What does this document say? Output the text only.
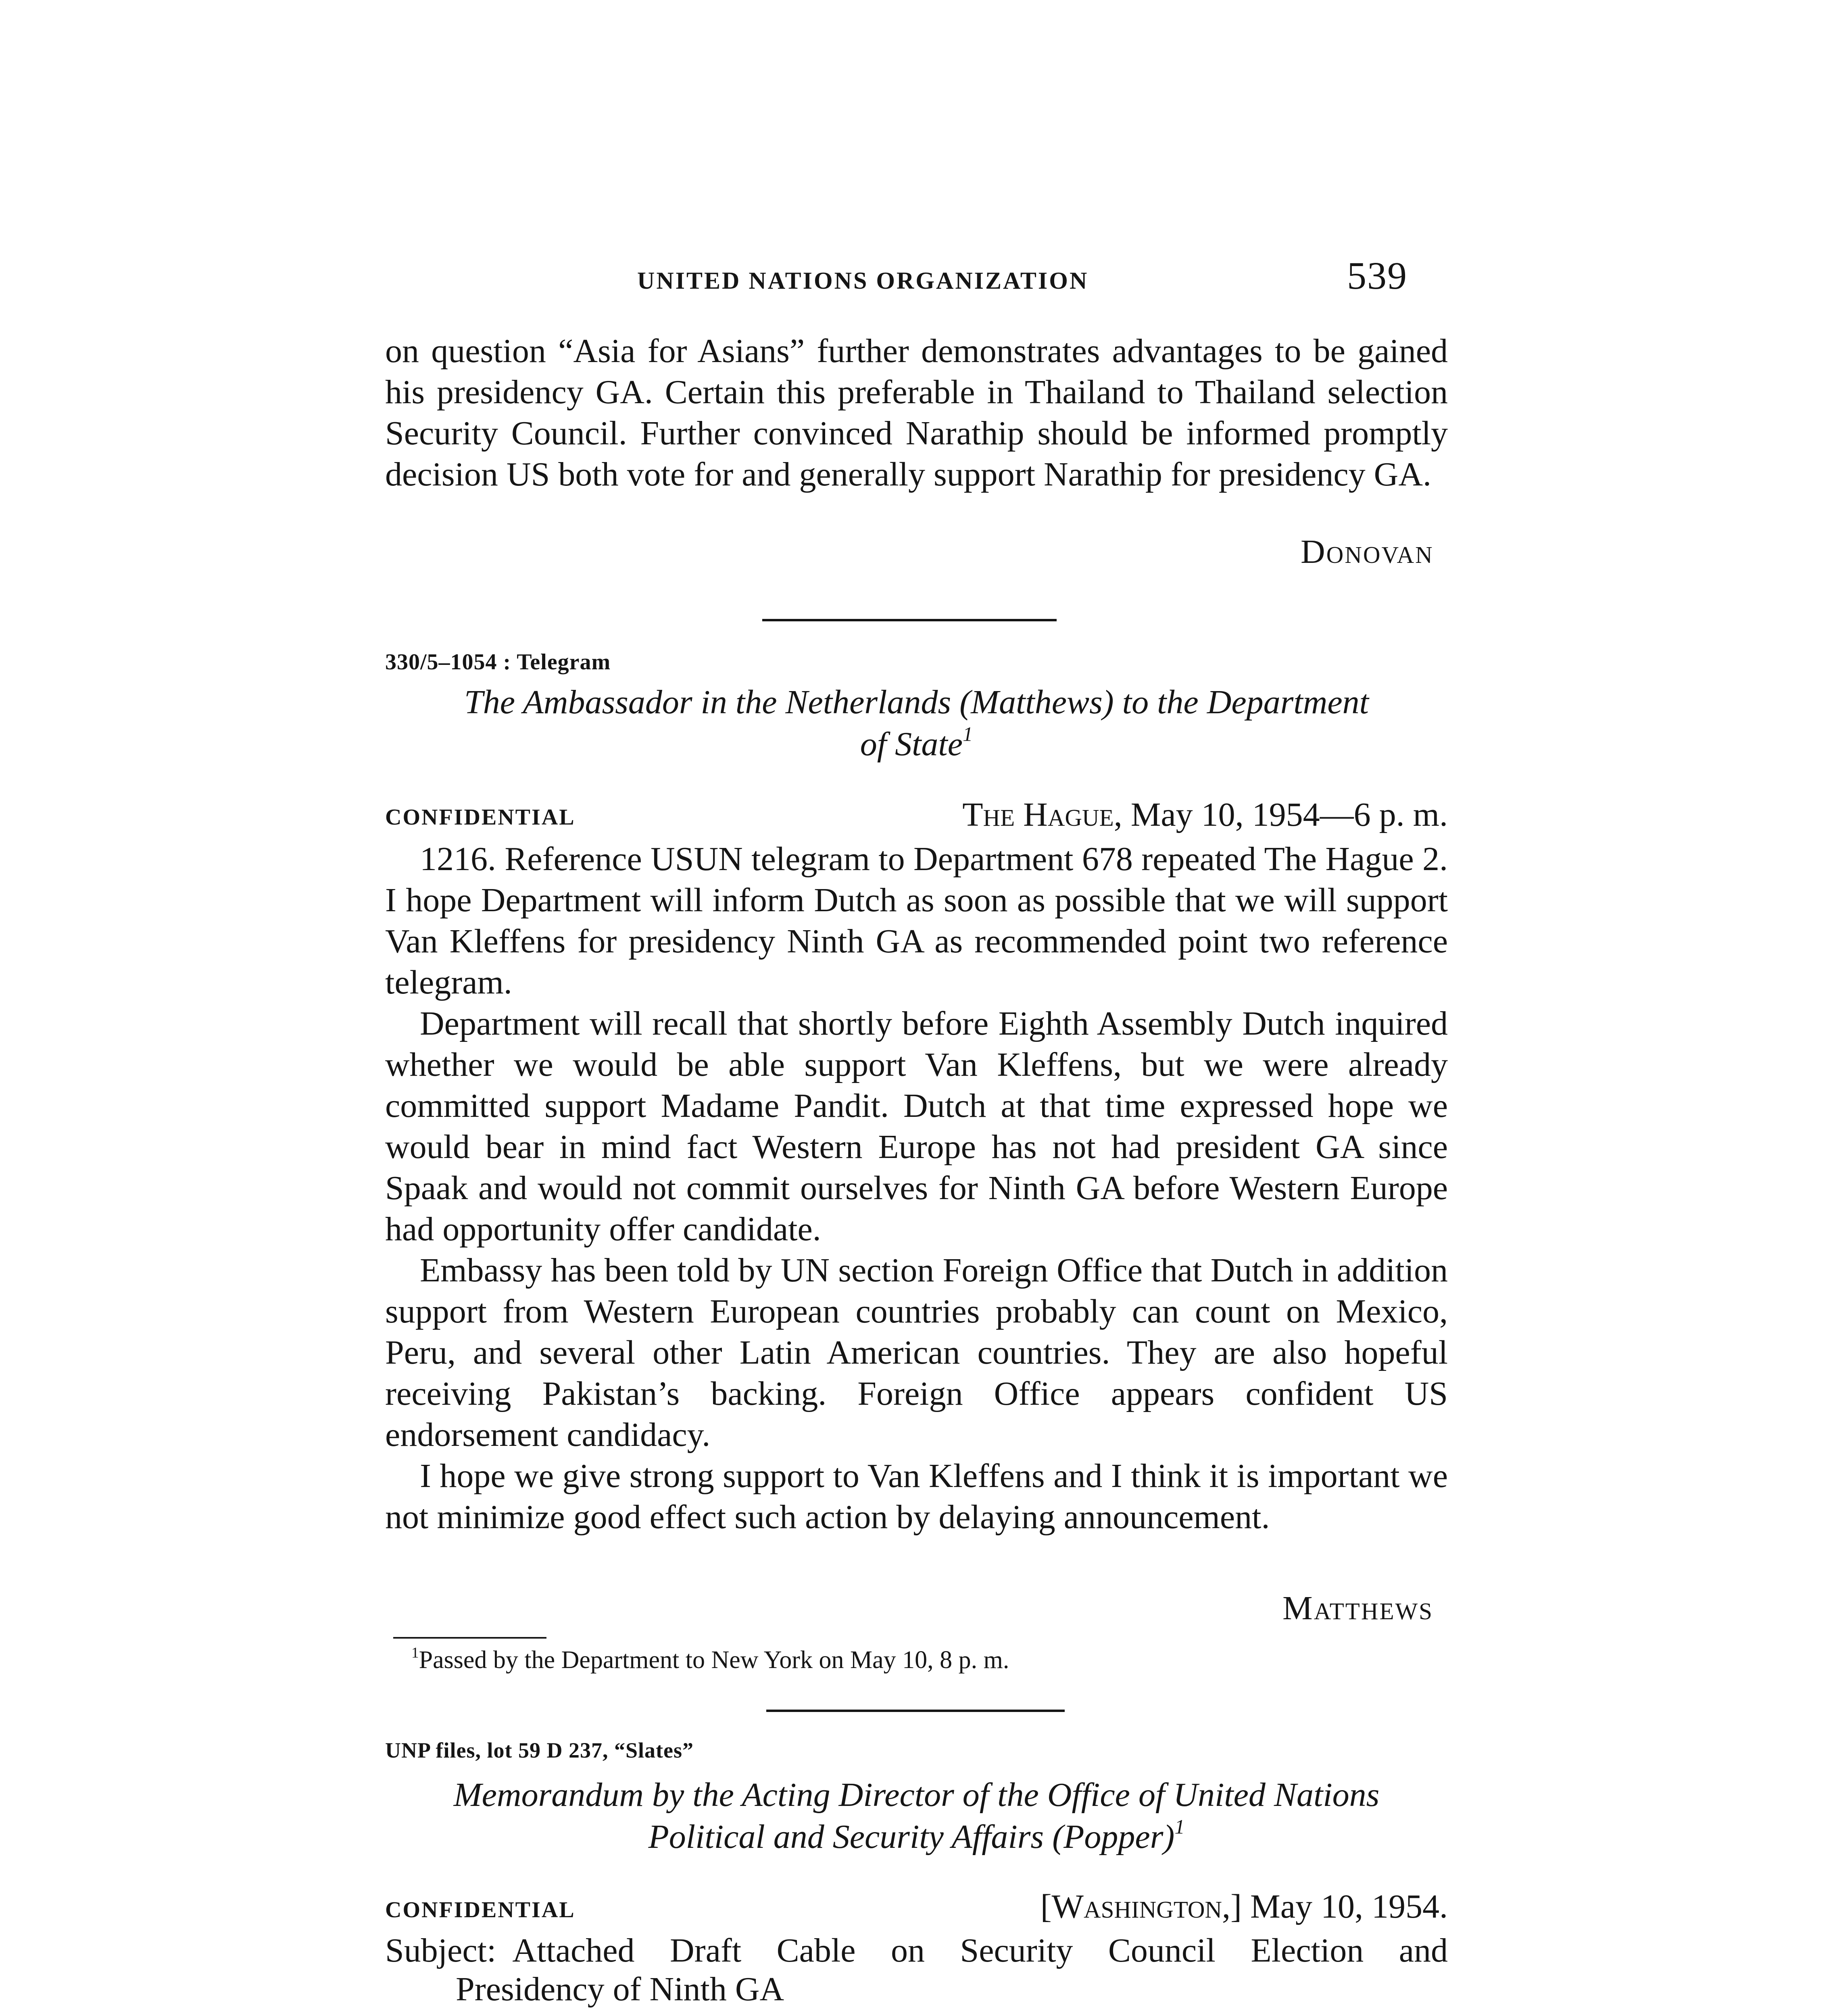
UNITED NATIONS ORGANIZATION	539

on question “Asia for Asians” further demonstrates advantages to be gained his presidency GA. Certain this preferable in Thailand to Thailand selection Security Council. Further convinced Narathip should be informed promptly decision US both vote for and generally support Narathip for presidency GA.

Donovan
330/5–1054 : Telegram
The Ambassador in the Netherlands (Matthews) to the Department
of State$^1$
CONFIDENTIAL	The Hague, May 10, 1954—6 p. m.

1216. Reference USUN telegram to Department 678 repeated The Hague 2. I hope Department will inform Dutch as soon as possible that we will support Van Kleffens for presidency Ninth GA as recommended point two reference telegram.

Department will recall that shortly before Eighth Assembly Dutch inquired whether we would be able support Van Kleffens, but we were already committed support Madame Pandit. Dutch at that time expressed hope we would bear in mind fact Western Europe has not had president GA since Spaak and would not commit ourselves for Ninth GA before Western Europe had opportunity offer candidate.

Embassy has been told by UN section Foreign Office that Dutch in addition support from Western European countries probably can count on Mexico, Peru, and several other Latin American countries. They are also hopeful receiving Pakistan’s backing. Foreign Office appears confident US endorsement candidacy.

I hope we give strong support to Van Kleffens and I think it is important we not minimize good effect such action by delaying announcement.

Matthews
$^1$Passed by the Department to New York on May 10, 8 p. m.
UNP files, lot 59 D 237, “Slates”
Memorandum by the Acting Director of the Office of United Nations
Political and Security Affairs (Popper)$^1$
CONFIDENTIAL	[Washington,] May 10, 1954.
Subject: Attached Draft Cable on Security Council Election and
Presidency of Ninth GA
